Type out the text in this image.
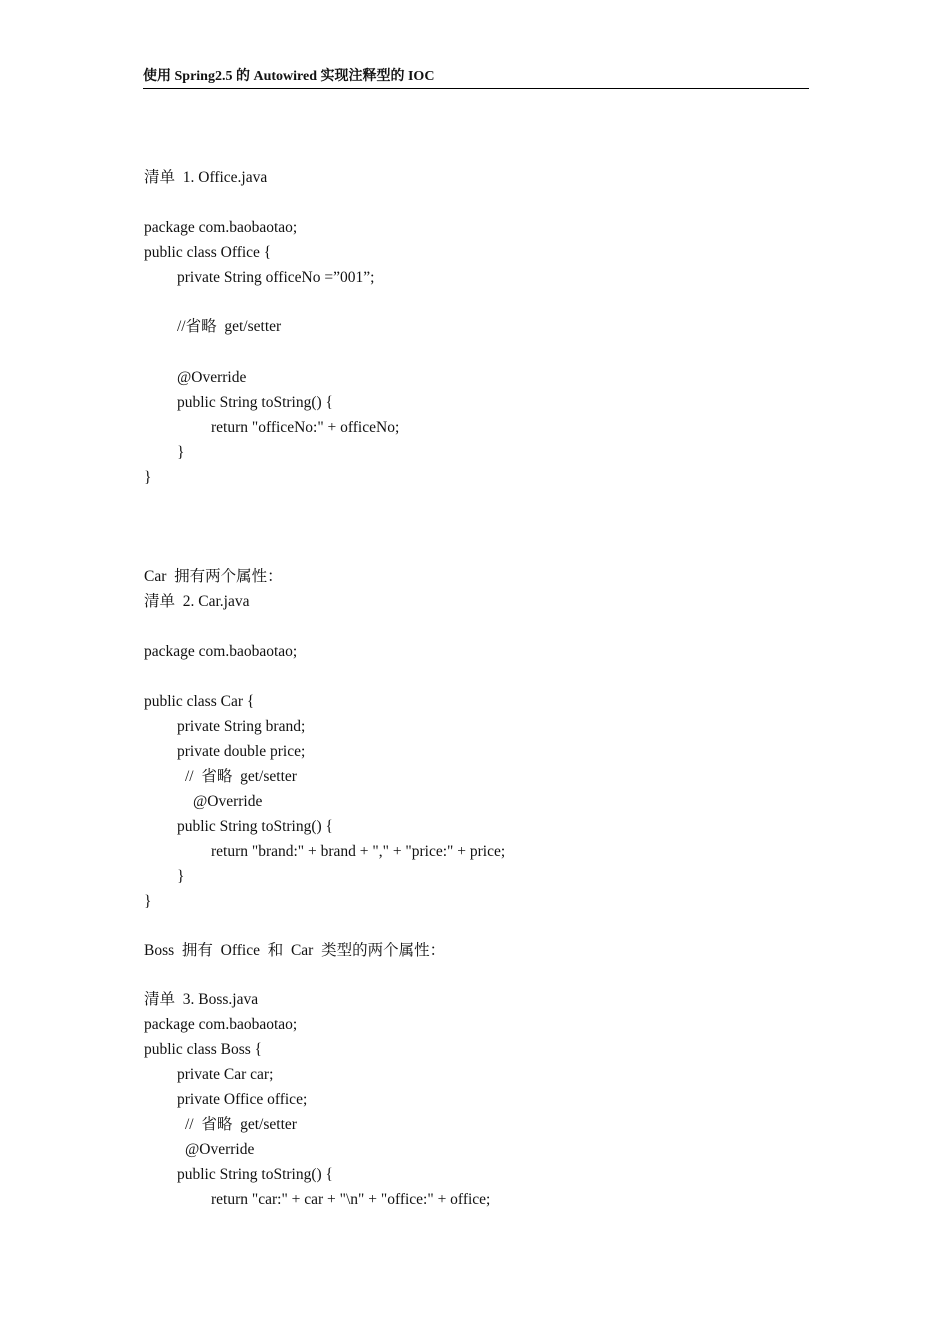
使用 Spring2.5 的 Autowired 实现注释型的 IOC
清单  1. Office.java
package com.baobaotao;
public class Office {
private String officeNo =”001”;
//省略  get/setter
@Override
public String toString() {
return "officeNo:" + officeNo;
}
}
Car  拥有两个属性：
清单  2. Car.java
package com.baobaotao;
public class Car {
private String brand;
private double price;
//  省略  get/setter
@Override
public String toString() {
return "brand:" + brand + "," + "price:" + price;
}
}
Boss  拥有  Office  和  Car  类型的两个属性：
清单  3. Boss.java
package com.baobaotao;
public class Boss {
private Car car;
private Office office;
//  省略  get/setter
@Override
public String toString() {
return "car:" + car + "\n" + "office:" + office;
